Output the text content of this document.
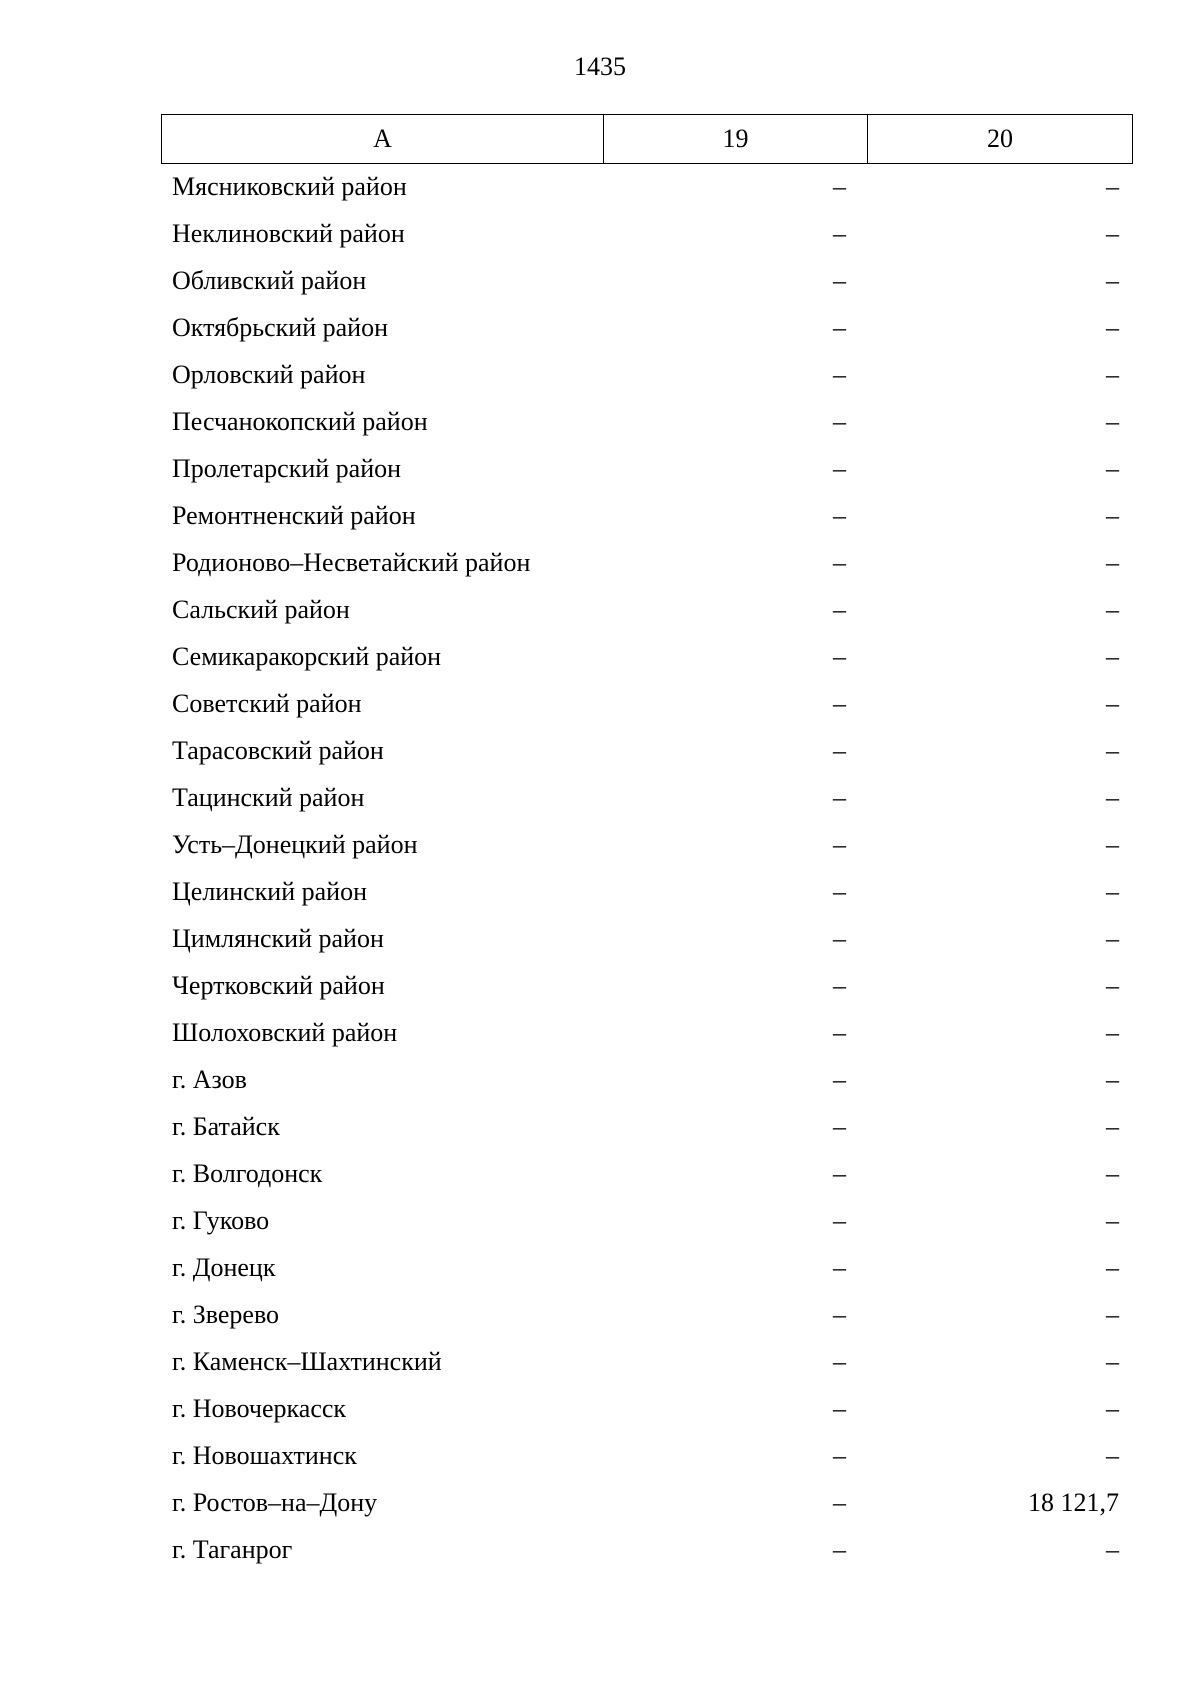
1435
А	19	20
Мясниковский район	–	–
Неклиновский район	–	–
Обливский район	–	–
Октябрьский район	–	–
Орловский район	–	–
Песчанокопский район	–	–
Пролетарский район	–	–
Ремонтненский район	–	–
Родионово–Несветайский район	–	–
Сальский район	–	–
Семикаракорский район	–	–
Советский район	–	–
Тарасовский район	–	–
Тацинский район	–	–
Усть–Донецкий район	–	–
Целинский район	–	–
Цимлянский район	–	–
Чертковский район	–	–
Шолоховский район	–	–
г. Азов	–	–
г. Батайск	–	–
г. Волгодонск	–	–
г. Гуково	–	–
г. Донецк	–	–
г. Зверево	–	–
г. Каменск–Шахтинский	–	–
г. Новочеркасск	–	–
г. Новошахтинск	–	–
г. Ростов–на–Дону	–	18 121,7
г. Таганрог	–	–
